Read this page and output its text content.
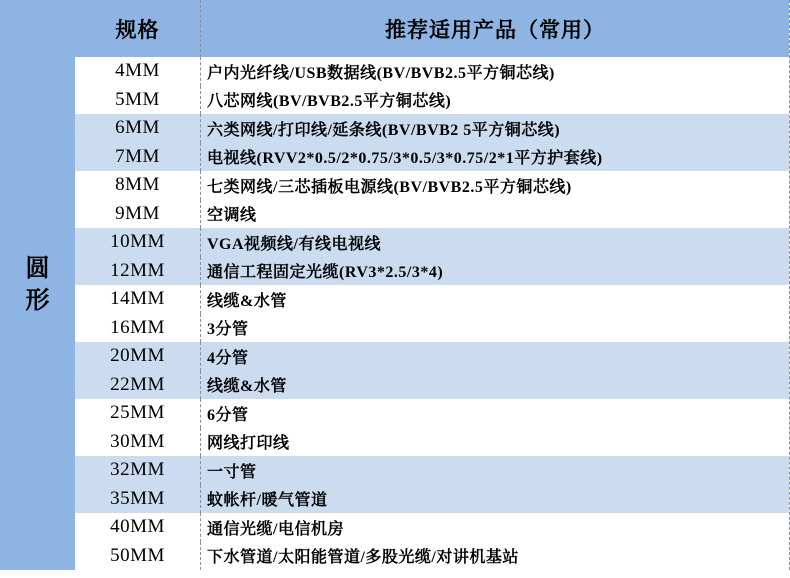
圆
形
规格	推荐适用产品（常用）
4MM	户内光纤线/USB数据线(BV/BVB2.5平方铜芯线)
5MM	八芯网线(BV/BVB2.5平方铜芯线)
6MM	六类网线/打印线/延条线(BV/BVB2 5平方铜芯线)
7MM	电视线(RVV2*0.5/2*0.75/3*0.5/3*0.75/2*1平方护套线)
8MM	七类网线/三芯插板电源线(BV/BVB2.5平方铜芯线)
9MM	空调线
10MM	VGA视频线/有线电视线
12MM	通信工程固定光缆(RV3*2.5/3*4)
14MM	线缆&水管
16MM	3分管
20MM	4分管
22MM	线缆&水管
25MM	6分管
30MM	网线打印线
32MM	一寸管
35MM	蚊帐杆/暖气管道
40MM	通信光缆/电信机房
50MM	下水管道/太阳能管道/多股光缆/对讲机基站
